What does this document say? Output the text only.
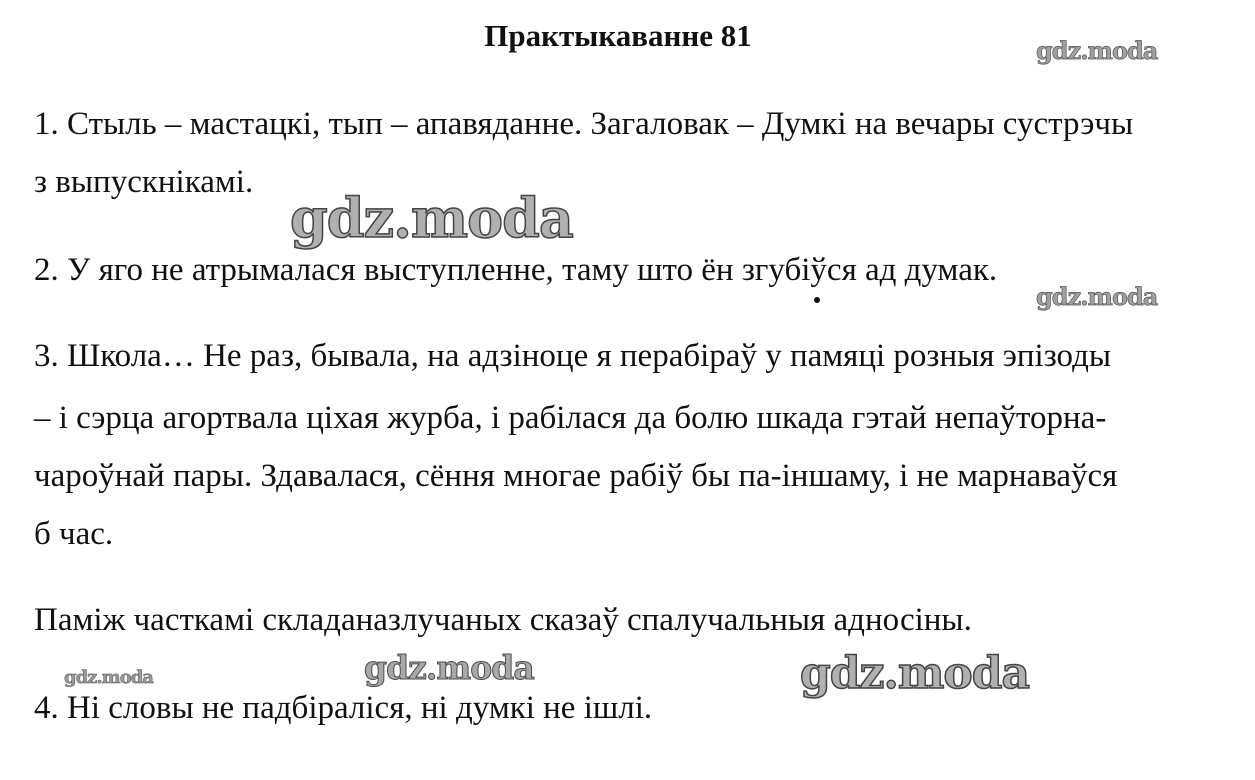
Практыкаванне 81	gdz.moda
1. Стыль – мастацкі, тып – апавяданне. Загаловак – Думкі на вечары сустрэчы
з выпускнікамі.
gdz.moda
2. У яго не атрымалася выступленне, таму што ён згубіўся ад думак.
gdz.moda
3. Школа… Не раз, бывала, на адзіноце я перабіраў у памяці розныя эпізоды
– і сэрца агортвала ціхая журба, і рабілася да болю шкада гэтай непаўторна-
чароўнай пары. Здавалася, сёння многае рабіў бы па-іншаму, і не марнаваўся
б час.
Паміж часткамі складаназлучаных сказаў спалучальныя адносіны.
gdz.moda	gdz.moda	gdz.moda
4. Ні словы не падбіраліся, ні думкі не ішлі.
